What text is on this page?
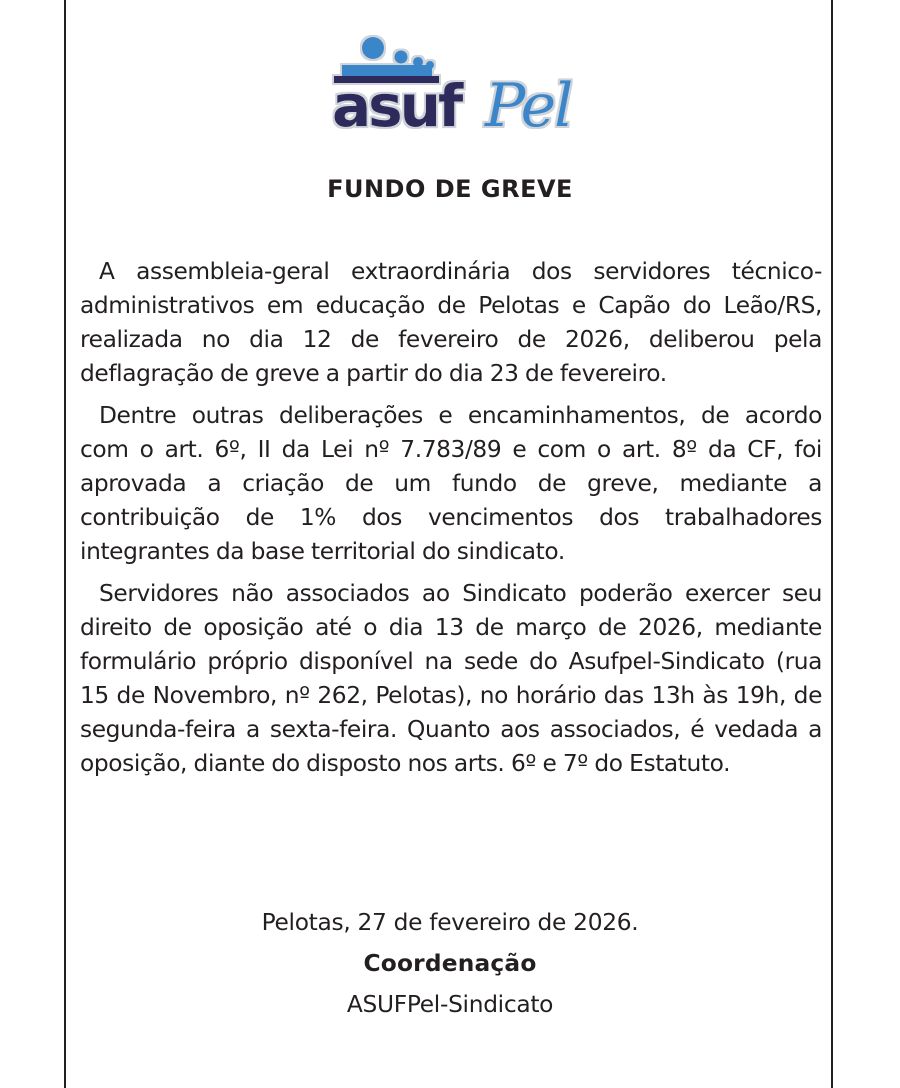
asuf Pel
FUNDO DE GREVE

A assembleia-geral extraordinária dos servidores técnico-administrativos em educação de Pelotas e Capão do Leão/RS, realizada no dia 12 de fevereiro de 2026, deliberou pela deflagração de greve a partir do dia 23 de fevereiro.

Dentre outras deliberações e encaminhamentos, de acordo com o art. 6º, II da Lei nº 7.783/89 e com o art. 8º da CF, foi aprovada a criação de um fundo de greve, mediante a contribuição de 1% dos vencimentos dos trabalhadores integrantes da base territorial do sindicato.

Servidores não associados ao Sindicato poderão exercer seu direito de oposição até o dia 13 de março de 2026, mediante formulário próprio disponível na sede do Asufpel-Sindicato (rua 15 de Novembro, nº 262, Pelotas), no horário das 13h às 19h, de segunda-feira a sexta-feira. Quanto aos associados, é vedada a oposição, diante do disposto nos arts. 6º e 7º do Estatuto.

Pelotas, 27 de fevereiro de 2026.
Coordenação
ASUFPel-Sindicato
